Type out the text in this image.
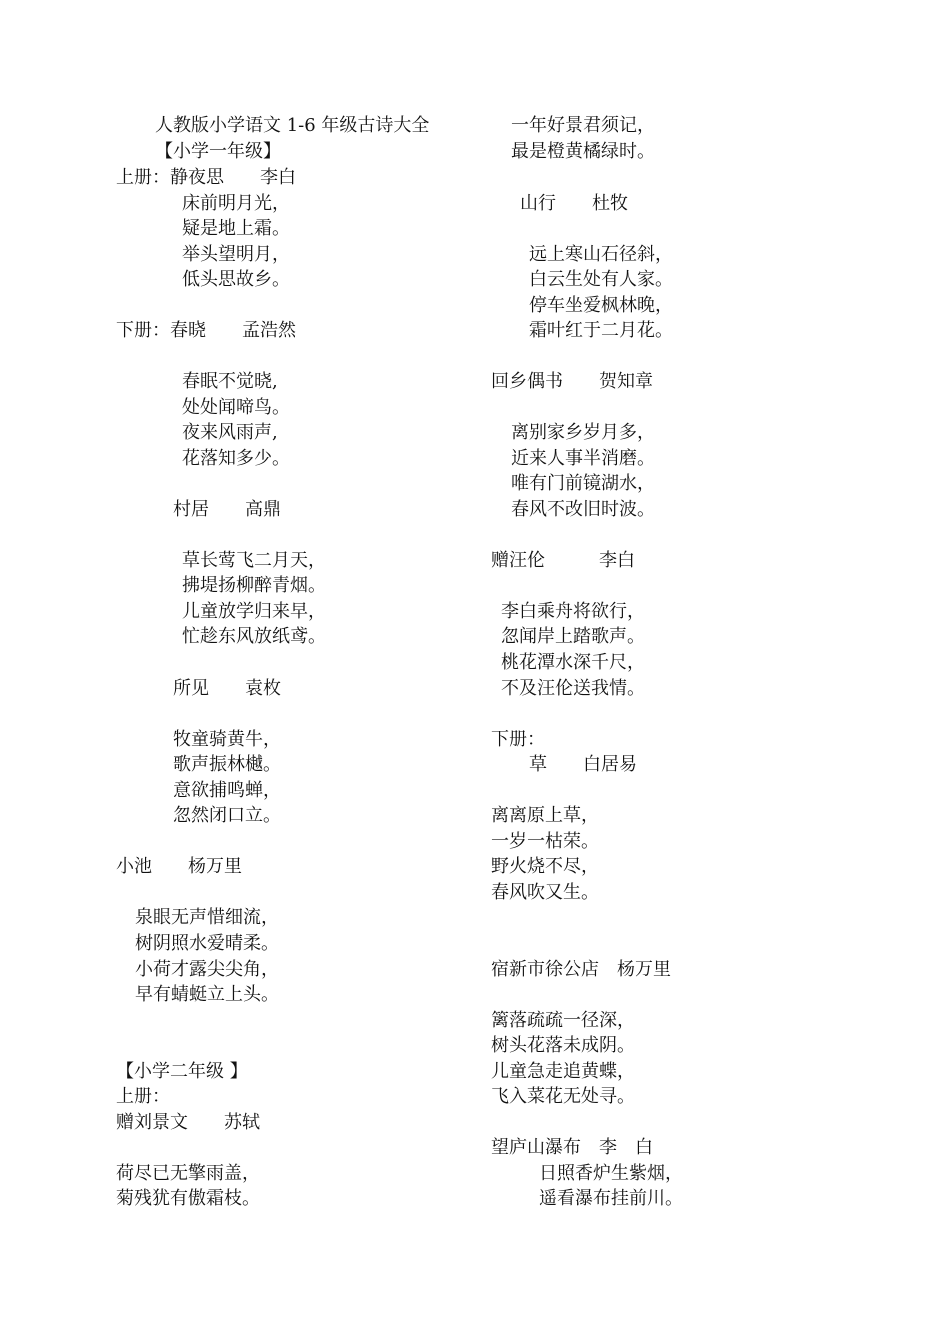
人教版小学语文 1-6 年级古诗大全

【小学一年级】

上册：静夜思　　李白

床前明月光，

疑是地上霜。

举头望明月，

低头思故乡。

下册：春晓　　孟浩然

春眠不觉晓,

处处闻啼鸟。

夜来风雨声,

花落知多少。

村居　　高鼎

草长莺飞二月天，

拂堤扬柳醉青烟。

儿童放学归来早，

忙趁东风放纸鸢。

所见　　袁枚

牧童骑黄牛，

歌声振林樾。

意欲捕鸣蝉，

忽然闭口立。

小池　　杨万里

泉眼无声惜细流，

树阴照水爱晴柔。

小荷才露尖尖角，

早有蜻蜓立上头。

【小学二年级 】

上册：

赠刘景文　　苏轼

荷尽已无擎雨盖，

菊残犹有傲霜枝。

一年好景君须记，

最是橙黄橘绿时。

山行　　杜牧

远上寒山石径斜，

白云生处有人家。

停车坐爱枫林晚，

霜叶红于二月花。

回乡偶书　　贺知章

离别家乡岁月多，

近来人事半消磨。

唯有门前镜湖水，

春风不改旧时波。

赠汪伦　　　李白

李白乘舟将欲行，

忽闻岸上踏歌声。

桃花潭水深千尺，

不及汪伦送我情。

下册：

草　　白居易

离离原上草，

一岁一枯荣。

野火烧不尽，

春风吹又生。

宿新市徐公店　杨万里

篱落疏疏一径深，

树头花落未成阴。

儿童急走追黄蝶，

飞入菜花无处寻。

望庐山瀑布　李　白

日照香炉生紫烟，

遥看瀑布挂前川。
